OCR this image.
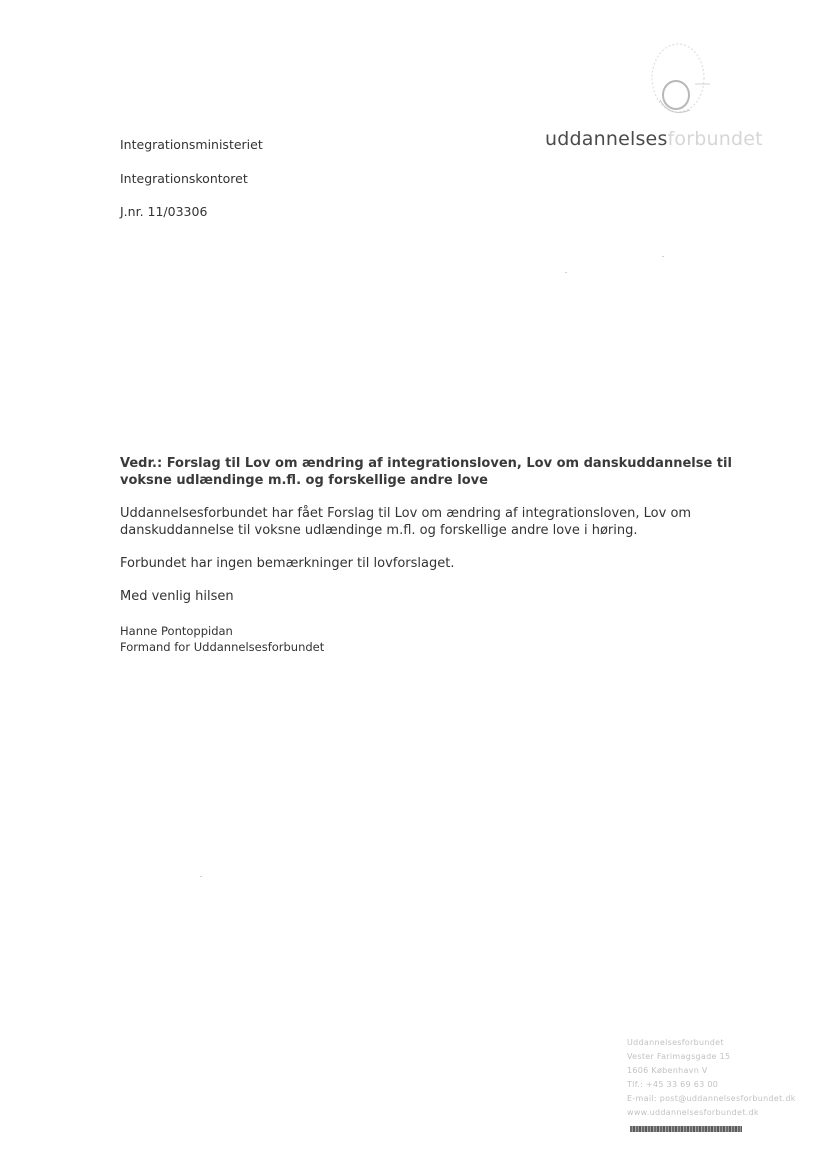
uddannelsesforbundet
Integrationsministeriet
Integrationskontoret
J.nr. 11/03306
Vedr.: Forslag til Lov om ændring af integrationsloven, Lov om danskuddannelse til voksne udlændinge m.fl. og forskellige andre love
Uddannelsesforbundet har fået Forslag til Lov om ændring af integrationsloven, Lov om danskuddannelse til voksne udlændinge m.fl. og forskellige andre love i høring.
Forbundet har ingen bemærkninger til lovforslaget.
Med venlig hilsen
Hanne Pontoppidan
Formand for Uddannelsesforbundet
Uddannelsesforbundet
Vester Farimagsgade 15
1606 København V
Tlf.: +45 33 69 63 00
E-mail: post@uddannelsesforbundet.dk
www.uddannelsesforbundet.dk
